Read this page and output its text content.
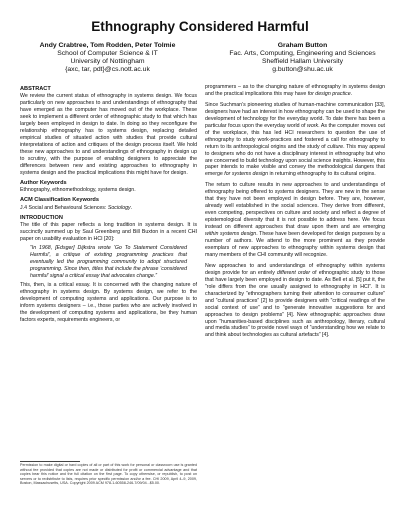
Ethnography Considered Harmful
Andy Crabtree, Tom Rodden, Peter Tolmie
School of Computer Science & IT
University of Nottingham
{axc, tar, pdt}@cs.nott.ac.uk
Graham Button
Fac. Arts, Computing, Engineering and Sciences
Sheffield Hallam University
g.button@shu.ac.uk
ABSTRACT

We review the current status of ethnography in systems design. We focus particularly on new approaches to and understandings of ethnography that have emerged as the computer has moved out of the workplace. These seek to implement a different order of ethnographic study to that which has largely been employed in design to date. In doing so they reconfigure the relationship ethnography has to systems design, replacing detailed empirical studies of situated action with studies that provide cultural interpretations of action and critiques of the design process itself. We hold these new approaches to and understandings of ethnography in design up to scrutiny, with the purpose of enabling designers to appreciate the differences between new and existing approaches to ethnography in systems design and the practical implications this might have for design.

Author Keywords

Ethnography, ethnomethodology, systems design.

ACM Classification Keywords

J.4 Social and Behavioural Sciences: Sociology.

INTRODUCTION

The title of this paper reflects a long tradition in systems design. It is succinctly summed up by Saul Greenberg and Bill Buxton in a recent CHI paper on usability evaluation in HCI [20]:

“In 1968, [Edsger] Dijkstra wrote ‘Go To Statement Considered Harmful’, a critique of existing programming practices that eventually led the programming community to adopt structured programming. Since then, titles that include the phrase ‘considered harmful’ signal a critical essay that advocates change.”

This, then, is a critical essay. It is concerned with the changing nature of ethnography in systems design. By systems design, we refer to the development of computing systems and applications. Our purpose is to inform systems designers – i.e., those parties who are actively involved in the development of computing systems and applications, be they human factors experts, requirements engineers, or

Permission to make digital or hard copies of all or part of this work for personal or classroom use is granted without fee provided that copies are not made or distributed for profit or commercial advantage and that copies bear this notice and the full citation on the first page. To copy otherwise, or republish, to post on servers or to redistribute to lists, requires prior specific permission and/or a fee. CHI 2009, April 4–9, 2009, Boston, Massachusetts, USA. Copyright 2009 ACM 978-1-60558-246-7/09/04...$5.00.

programmers – as to the changing nature of ethnography in systems design and the practical implications this may have for design practice.

Since Suchman’s pioneering studies of human-machine communication [33], designers have had an interest in how ethnography can be used to shape the development of technology for the everyday world. To date there has been a particular focus upon the everyday world of work. As the computer moves out of the workplace, this has led HCI researchers to question the use of ethnography to study work-practices and fostered a call for ethnography to return to its anthropological origins and the study of culture. This may appeal to designers who do not have a disciplinary interest in ethnography but who are concerned to build technology upon social science insights. However, this paper intends to make visible and convey the methodological dangers that emerge for systems design in returning ethnography to its cultural origins.

The return to culture results in new approaches to and understandings of ethnography being offered to systems designers. They are new in the sense that they have not been employed in design before. They are, however, already well established in the social sciences. They derive from different, even competing, perspectives on culture and society and reflect a degree of epistemological diversity that it is not possible to address here. We focus instead on different approaches that draw upon them and are emerging within systems design. These have been developed for design purposes by a number of authors. We attend to the more prominent as they provide exemplars of new approaches to ethnography within systems design that many members of the CHI community will recognize.

New approaches to and understandings of ethnography within systems design provide for an entirely different order of ethnographic study to those that have largely been employed in design to date. As Bell et al. [5] put it, the “role differs from the one usually assigned to ethnography in HCI”. It is characterized by “ethnographers turning their attention to consumer culture” and “cultural practices” [2] to provide designers with “critical readings of the social context of use” and to “generate innovative suggestions for and approaches to design problems” [4]. New ethnographic approaches draw upon “humanities-based disciplines such as anthropology, literary, cultural and media studies” to provide novel ways of “understanding how we relate to and think about technologies as cultural artefacts” [4].
